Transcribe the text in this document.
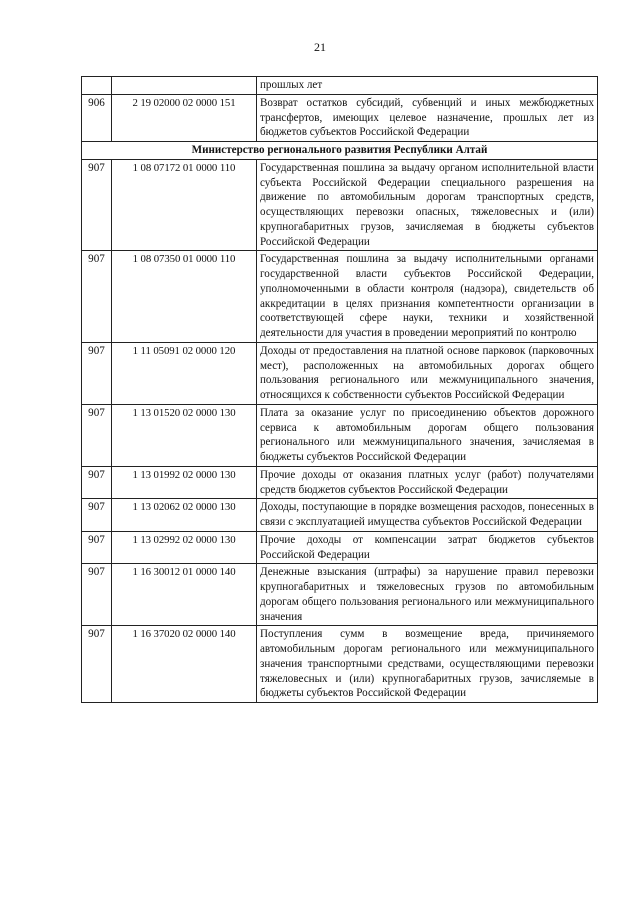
21
		прошлых лет
906	2 19 02000 02 0000 151	Возврат остатков субсидий, субвенций и иных межбюджетных трансфертов, имеющих целевое назначение, прошлых лет из бюджетов субъектов Российской Федерации
Министерство регионального развития Республики Алтай		
907	1 08 07172 01 0000 110	Государственная пошлина за выдачу органом исполнительной власти субъекта Российской Федерации специального разрешения на движение по автомобильным дорогам транспортных средств, осуществляющих перевозки опасных, тяжеловесных и (или) крупногабаритных грузов, зачисляемая в бюджеты субъектов Российской Федерации
907	1 08 07350 01 0000 110	Государственная пошлина за выдачу исполнительными органами государственной власти субъектов Российской Федерации, уполномоченными в области контроля (надзора), свидетельств об аккредитации в целях признания компетентности организации в соответствующей сфере науки, техники и хозяйственной деятельности для участия в проведении мероприятий по контролю
907	1 11 05091 02 0000 120	Доходы от предоставления на платной основе парковок (парковочных мест), расположенных на автомобильных дорогах общего пользования регионального или межмуниципального значения, относящихся к собственности субъектов Российской Федерации
907	1 13 01520 02 0000 130	Плата за оказание услуг по присоединению объектов дорожного сервиса к автомобильным дорогам общего пользования регионального или межмуниципального значения, зачисляемая в бюджеты субъектов Российской Федерации
907	1 13 01992 02 0000 130	Прочие доходы от оказания платных услуг (работ) получателями средств бюджетов субъектов Российской Федерации
907	1 13 02062 02 0000 130	Доходы, поступающие в порядке возмещения расходов, понесенных в связи с эксплуатацией имущества субъектов Российской Федерации
907	1 13 02992 02 0000 130	Прочие доходы от компенсации затрат бюджетов субъектов Российской Федерации
907	1 16 30012 01 0000 140	Денежные взыскания (штрафы) за нарушение правил перевозки крупногабаритных и тяжеловесных грузов по автомобильным дорогам общего пользования регионального или межмуниципального значения
907	1 16 37020 02 0000 140	Поступления сумм в возмещение вреда, причиняемого автомобильным дорогам регионального или межмуниципального значения транспортными средствами, осуществляющими перевозки тяжеловесных и (или) крупногабаритных грузов, зачисляемые в бюджеты субъектов Российской Федерации
